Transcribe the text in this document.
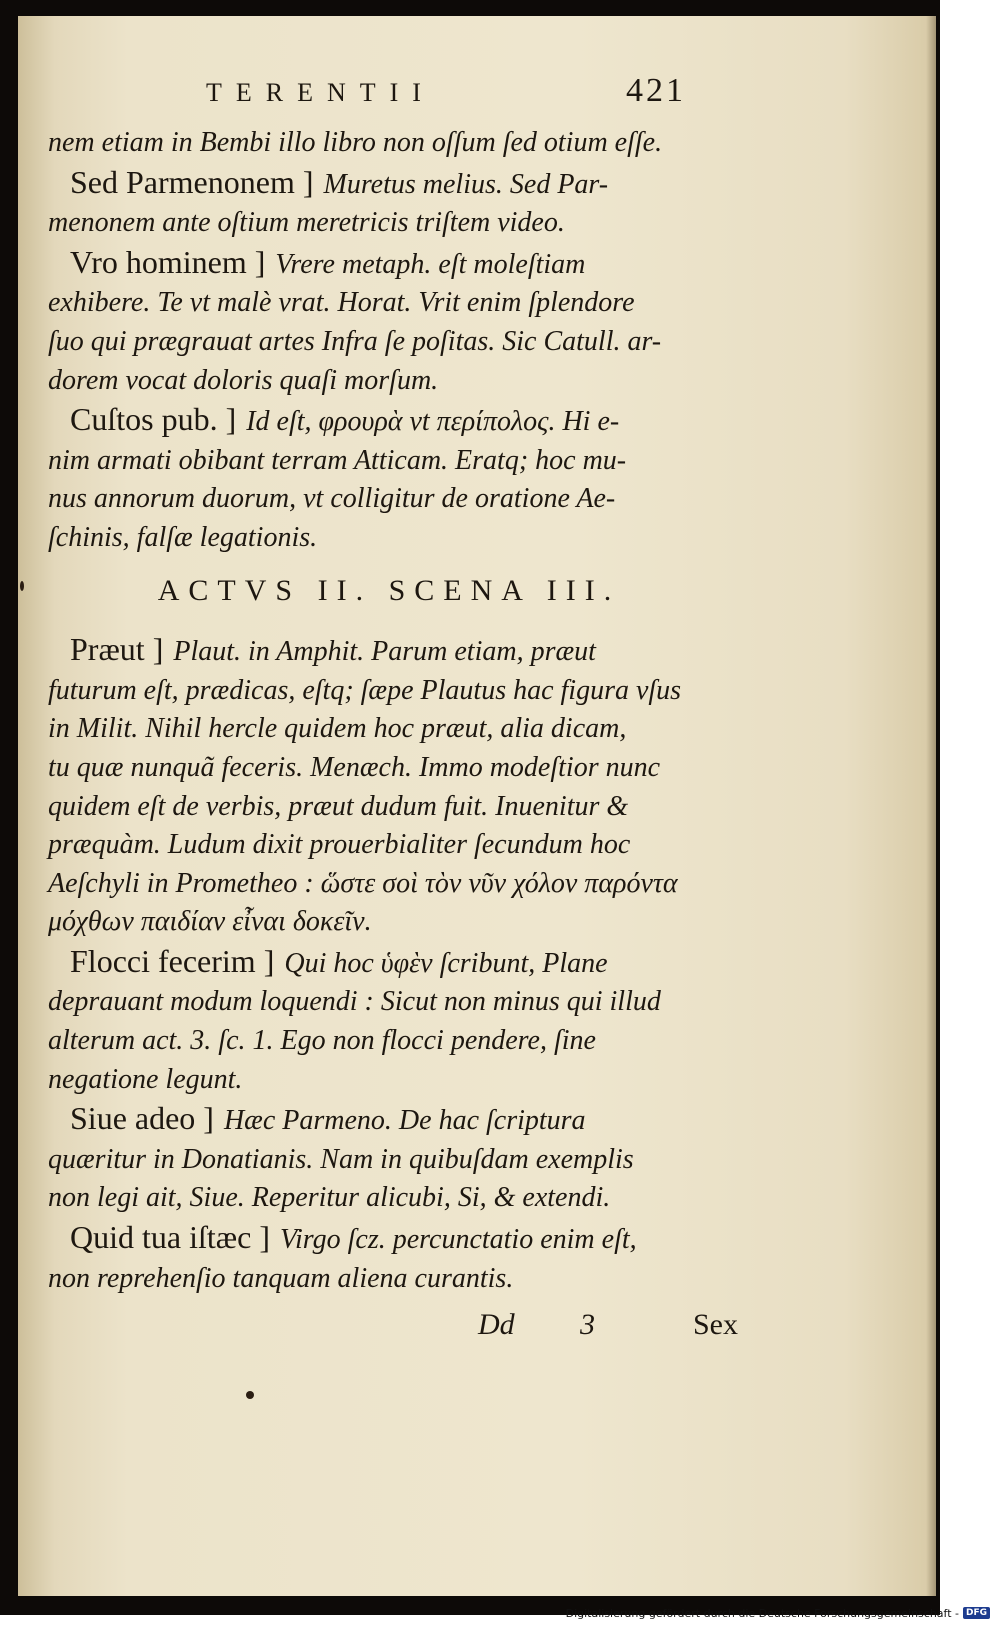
TERENTII	421
nem etiam in Bembi illo libro non oſſum ſed otium eſſe.
Sed Parmenonem ] Muretus melius. Sed Par-
menonem ante oſtium meretricis triſtem video.
Vro hominem ] Vrere metaph. eſt moleſtiam
exhibere. Te vt malè vrat. Horat. Vrit enim ſplendore
ſuo qui prægrauat artes Infra ſe poſitas. Sic Catull. ar-
dorem vocat doloris quaſi morſum.
Cuſtos pub. ] Id eſt, φρουρὰ vt περίπολος. Hi e-
nim armati obibant terram Atticam. Eratq; hoc mu-
nus annorum duorum, vt colligitur de oratione Ae-
ſchinis, falſæ legationis.
ACTVS II. SCENA III.
Præut ] Plaut. in Amphit. Parum etiam, præut
futurum eſt, prædicas, eſtq; ſæpe Plautus hac figura vſus
in Milit. Nihil hercle quidem hoc præut, alia dicam,
tu quæ nunquã feceris. Menæch. Immo modeſtior nunc
quidem eſt de verbis, præut dudum fuit. Inuenitur &
præquàm. Ludum dixit prouerbialiter ſecundum hoc
Aeſchyli in Prometheo : ὥστε σοὶ τὸν νῦν χόλον παρόντα
μόχθων παιδίαν εἶναι δοκεῖν.
Flocci fecerim ] Qui hoc ὑφὲν ſcribunt, Plane
deprauant modum loquendi : Sicut non minus qui illud
alterum act. 3. ſc. 1. Ego non flocci pendere, ſine
negatione legunt.
Siue adeo ] Hæc Parmeno. De hac ſcriptura
quæritur in Donatianis. Nam in quibuſdam exemplis
non legi ait, Siue. Reperitur alicubi, Si, & extendi.
Quid tua iſtæc ] Virgo ſcz. percunctatio enim eſt,
non reprehenſio tanquam aliena curantis.
Dd 3	Sex
Digitalisierung gefördert durch die Deutsche Forschungsgemeinschaft - DFG
